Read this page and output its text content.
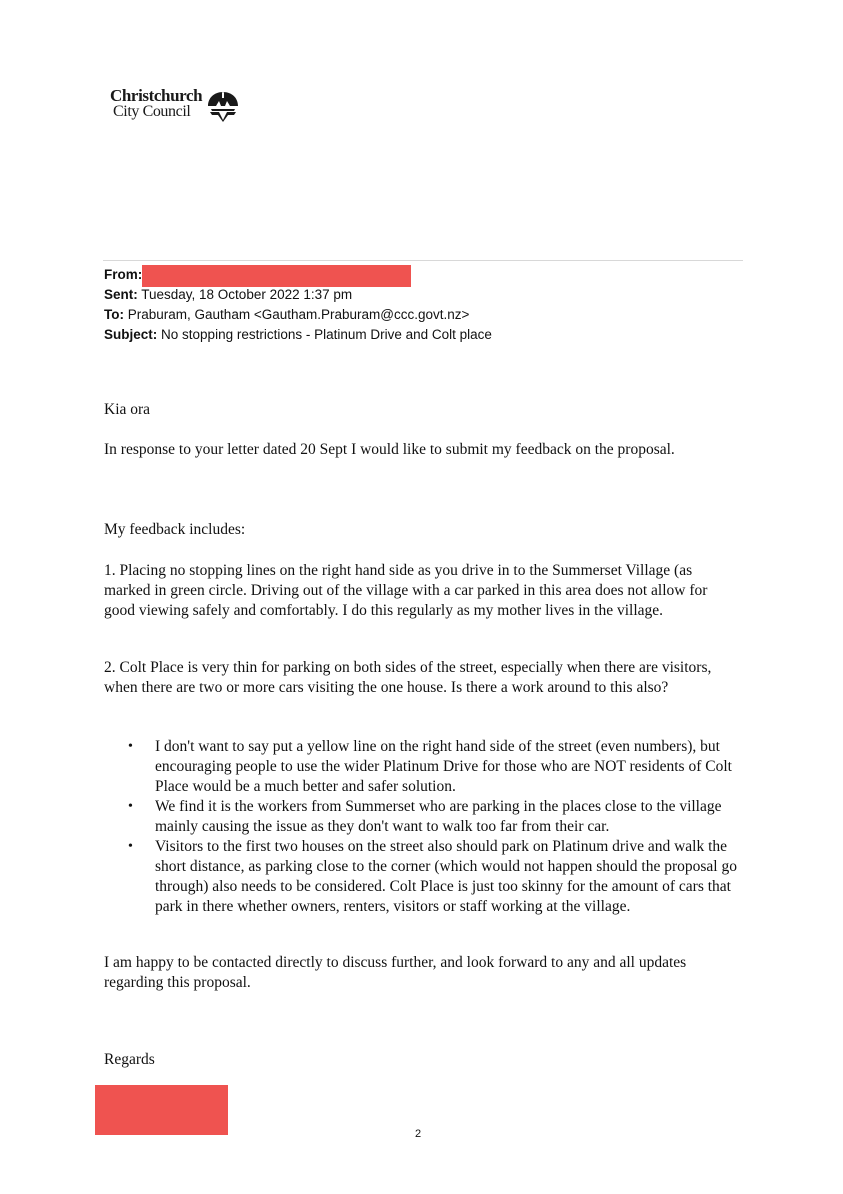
Christchurch
City Council
From:
Sent: Tuesday, 18 October 2022 1:37 pm
To: Praburam, Gautham <Gautham.Praburam@ccc.govt.nz>
Subject: No stopping restrictions - Platinum Drive and Colt place

Kia ora

In response to your letter dated 20 Sept I would like to submit my feedback on the proposal.

My feedback includes:

1. Placing no stopping lines on the right hand side as you drive in to the Summerset Village (as marked in green circle. Driving out of the village with a car parked in this area does not allow for good viewing safely and comfortably. I do this regularly as my mother lives in the village.

2. Colt Place is very thin for parking on both sides of the street, especially when there are visitors, when there are two or more cars visiting the one house. Is there a work around to this also?

• I don't want to say put a yellow line on the right hand side of the street (even numbers), but encouraging people to use the wider Platinum Drive for those who are NOT residents of Colt Place would be a much better and safer solution.
• We find it is the workers from Summerset who are parking in the places close to the village mainly causing the issue as they don't want to walk too far from their car.
• Visitors to the first two houses on the street also should park on Platinum drive and walk the short distance, as parking close to the corner (which would not happen should the proposal go through) also needs to be considered. Colt Place is just too skinny for the amount of cars that park in there whether owners, renters, visitors or staff working at the village.

I am happy to be contacted directly to discuss further, and look forward to any and all updates regarding this proposal.

Regards

2
